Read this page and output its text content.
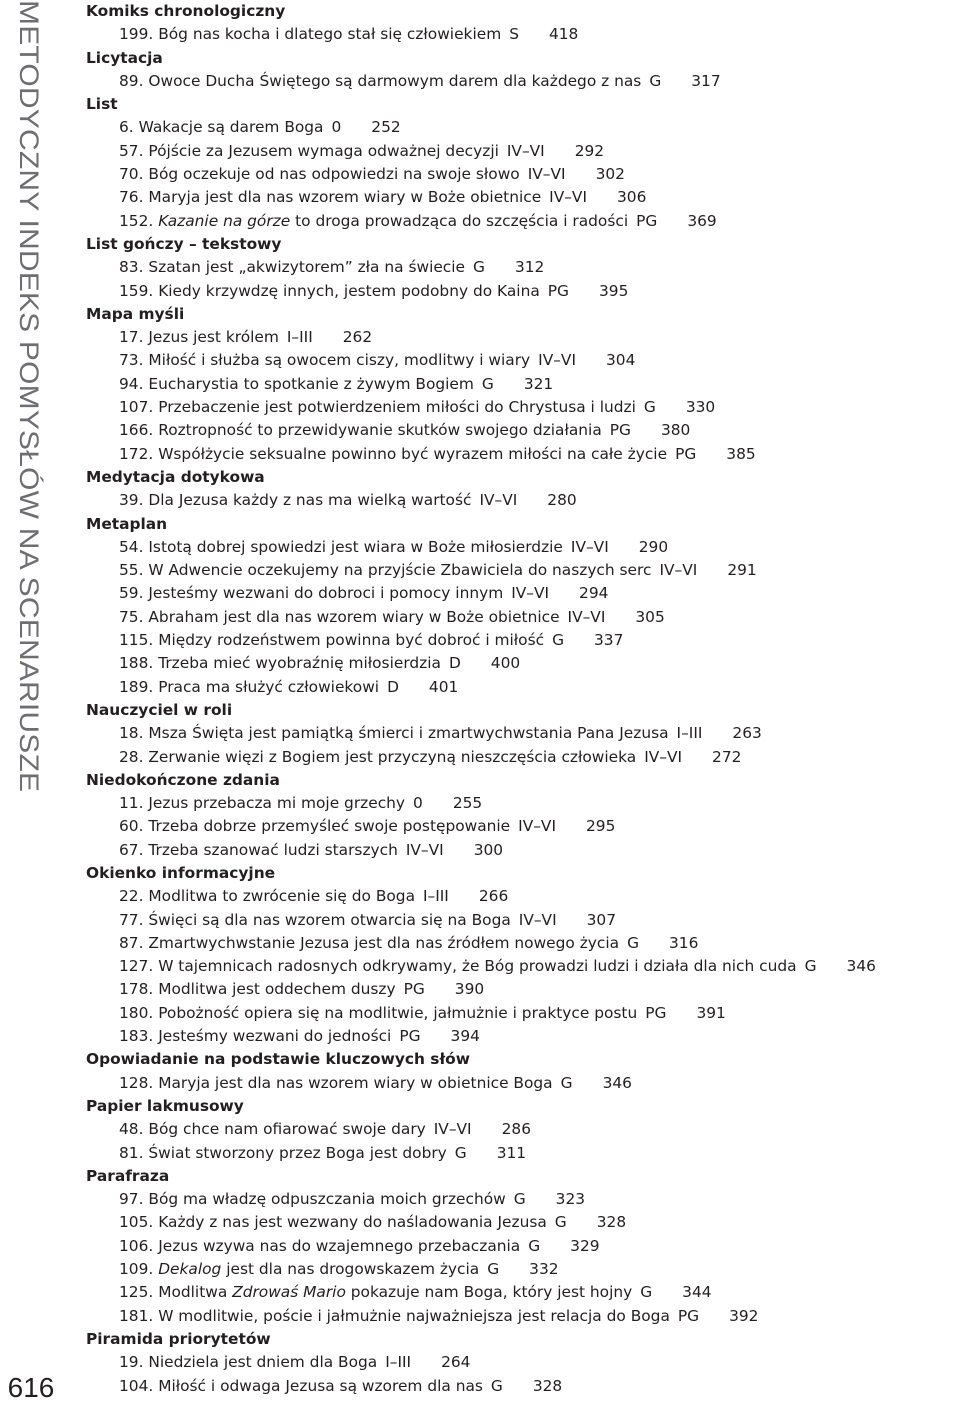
METODYCZNY INDEKS POMYSŁÓW NA SCENARIUSZE
616
Komiks chronologiczny
199. Bóg nas kocha i dlatego stał się człowiekiem S 418
Licytacja
89. Owoce Ducha Świętego są darmowym darem dla każdego z nas G 317
List
6. Wakacje są darem Boga 0 252
57. Pójście za Jezusem wymaga odważnej decyzji IV–VI 292
70. Bóg oczekuje od nas odpowiedzi na swoje słowo IV–VI 302
76. Maryja jest dla nas wzorem wiary w Boże obietnice IV–VI 306
152. Kazanie na górze to droga prowadząca do szczęścia i radości PG 369
List gończy – tekstowy
83. Szatan jest „akwizytorem” zła na świecie G 312
159. Kiedy krzywdzę innych, jestem podobny do Kaina PG 395
Mapa myśli
17. Jezus jest królem I–III 262
73. Miłość i służba są owocem ciszy, modlitwy i wiary IV–VI 304
94. Eucharystia to spotkanie z żywym Bogiem G 321
107. Przebaczenie jest potwierdzeniem miłości do Chrystusa i ludzi G 330
166. Roztropność to przewidywanie skutków swojego działania PG 380
172. Współżycie seksualne powinno być wyrazem miłości na całe życie PG 385
Medytacja dotykowa
39. Dla Jezusa każdy z nas ma wielką wartość IV–VI 280
Metaplan
54. Istotą dobrej spowiedzi jest wiara w Boże miłosierdzie IV–VI 290
55. W Adwencie oczekujemy na przyjście Zbawiciela do naszych serc IV–VI 291
59. Jesteśmy wezwani do dobroci i pomocy innym IV–VI 294
75. Abraham jest dla nas wzorem wiary w Boże obietnice IV–VI 305
115. Między rodzeństwem powinna być dobroć i miłość G 337
188. Trzeba mieć wyobraźnię miłosierdzia D 400
189. Praca ma służyć człowiekowi D 401
Nauczyciel w roli
18. Msza Święta jest pamiątką śmierci i zmartwychwstania Pana Jezusa I–III 263
28. Zerwanie więzi z Bogiem jest przyczyną nieszczęścia człowieka IV–VI 272
Niedokończone zdania
11. Jezus przebacza mi moje grzechy 0 255
60. Trzeba dobrze przemyśleć swoje postępowanie IV–VI 295
67. Trzeba szanować ludzi starszych IV–VI 300
Okienko informacyjne
22. Modlitwa to zwrócenie się do Boga I–III 266
77. Święci są dla nas wzorem otwarcia się na Boga IV–VI 307
87. Zmartwychwstanie Jezusa jest dla nas źródłem nowego życia G 316
127. W tajemnicach radosnych odkrywamy, że Bóg prowadzi ludzi i działa dla nich cuda G 346
178. Modlitwa jest oddechem duszy PG 390
180. Pobożność opiera się na modlitwie, jałmużnie i praktyce postu PG 391
183. Jesteśmy wezwani do jedności PG 394
Opowiadanie na podstawie kluczowych słów
128. Maryja jest dla nas wzorem wiary w obietnice Boga G 346
Papier lakmusowy
48. Bóg chce nam ofiarować swoje dary IV–VI 286
81. Świat stworzony przez Boga jest dobry G 311
Parafraza
97. Bóg ma władzę odpuszczania moich grzechów G 323
105. Każdy z nas jest wezwany do naśladowania Jezusa G 328
106. Jezus wzywa nas do wzajemnego przebaczania G 329
109. Dekalog jest dla nas drogowskazem życia G 332
125. Modlitwa Zdrowaś Mario pokazuje nam Boga, który jest hojny G 344
181. W modlitwie, poście i jałmużnie najważniejsza jest relacja do Boga PG 392
Piramida priorytetów
19. Niedziela jest dniem dla Boga I–III 264
104. Miłość i odwaga Jezusa są wzorem dla nas G 328
